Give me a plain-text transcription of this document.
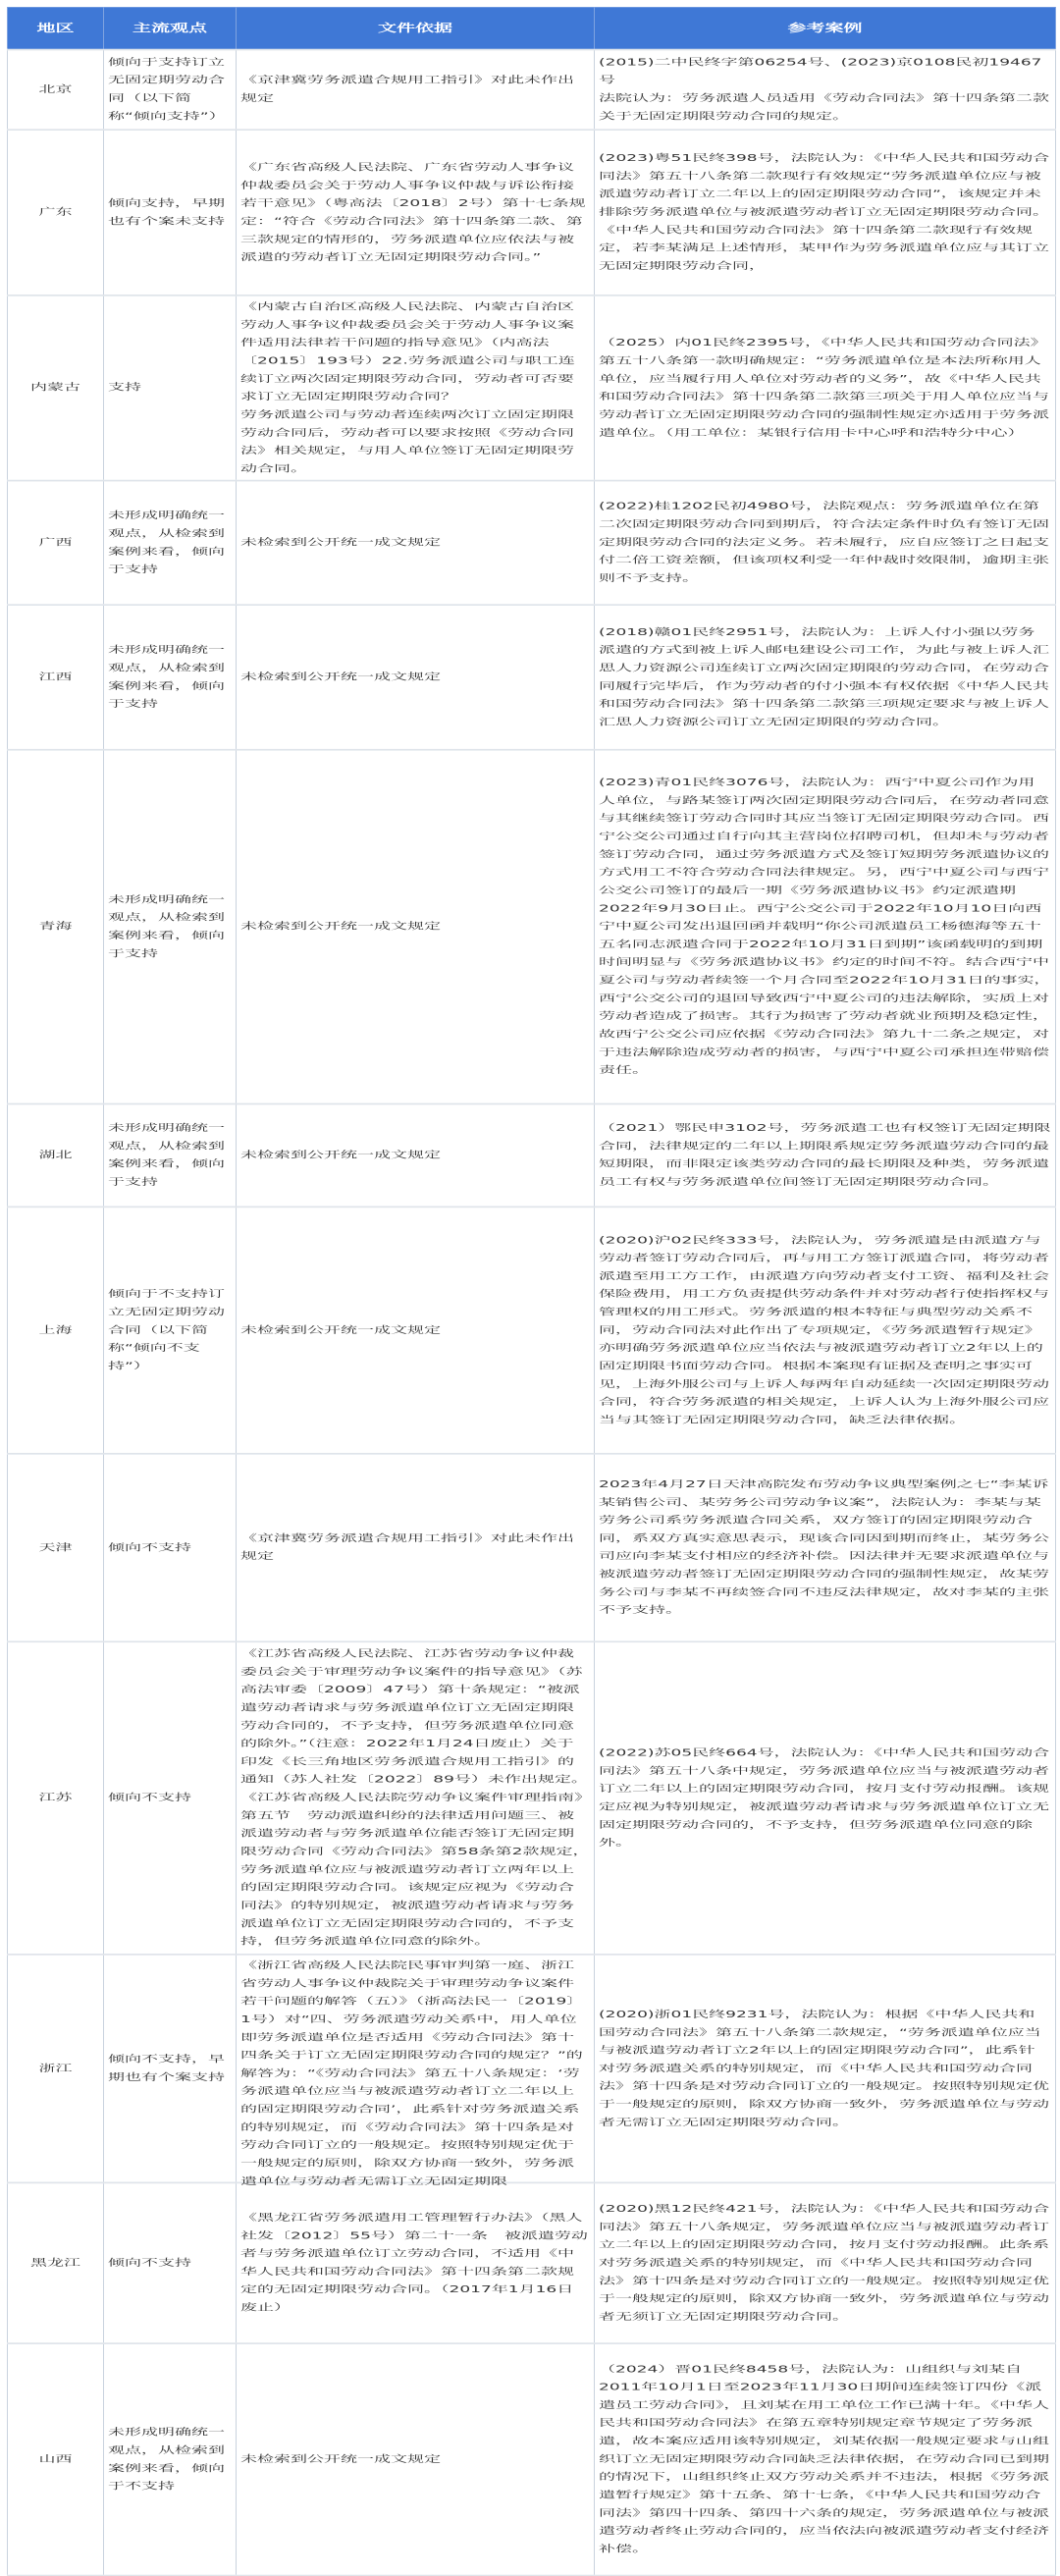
地区	主流观点	文件依据	参考案例

北京	倾向于支持订立无固定期劳动合同（以下简称“倾向支持”）	《京津冀劳务派遣合规用工指引》对此未作出规定	(2015)二中民终字第06254号、(2023)京0108民初19467号
法院认为：劳务派遣人员适用《劳动合同法》第十四条第二款关于无固定期限劳动合同的规定。

广东	倾向支持，早期也有个案未支持	《广东省高级人民法院、广东省劳动人事争议仲裁委员会关于劳动人事争议仲裁与诉讼衔接若干意见》（粤高法〔2018〕2号）第十七条规定：“符合《劳动合同法》第十四条第二款、第三款规定的情形的，劳务派遣单位应依法与被派遣的劳动者订立无固定期限劳动合同。”	(2023)粤51民终398号，法院认为：《中华人民共和国劳动合同法》第五十八条第二款现行有效规定“劳务派遣单位应与被派遣劳动者订立二年以上的固定期限劳动合同”，该规定并未排除劳务派遣单位与被派遣劳动者订立无固定期限劳动合同。《中华人民共和国劳动合同法》第十四条第二款现行有效规定，若李某满足上述情形，某甲作为劳务派遣单位应与其订立无固定期限劳动合同，

内蒙古	支持	《内蒙古自治区高级人民法院、内蒙古自治区劳动人事争议仲裁委员会关于劳动人事争议案件适用法律若干问题的指导意见》（内高法〔2015〕193号）22.劳务派遣公司与职工连续订立两次固定期限劳动合同，劳动者可否要求订立无固定期限劳动合同？
劳务派遣公司与劳动者连续两次订立固定期限劳动合同后，劳动者可以要求按照《劳动合同法》相关规定，与用人单位签订无固定期限劳动合同。	（2025）内01民终2395号，《中华人民共和国劳动合同法》第五十八条第一款明确规定：“劳务派遣单位是本法所称用人单位，应当履行用人单位对劳动者的义务”，故《中华人民共和国劳动合同法》第十四条第二款第三项关于用人单位应当与劳动者订立无固定期限劳动合同的强制性规定亦适用于劳务派遣单位。（用工单位：某银行信用卡中心呼和浩特分中心）

广西	未形成明确统一观点，从检索到案例来看，倾向于支持	未检索到公开统一成文规定	(2022)桂1202民初4980号，法院观点：劳务派遣单位在第二次固定期限劳动合同到期后，符合法定条件时负有签订无固定期限劳动合同的法定义务。若未履行，应自应签订之日起支付二倍工资差额，但该项权利受一年仲裁时效限制，逾期主张则不予支持。

江西	未形成明确统一观点，从检索到案例来看，倾向于支持	未检索到公开统一成文规定	(2018)赣01民终2951号，法院认为：上诉人付小强以劳务派遣的方式到被上诉人邮电建设公司工作，为此与被上诉人汇思人力资源公司连续订立两次固定期限的劳动合同，在劳动合同履行完毕后，作为劳动者的付小强本有权依据《中华人民共和国劳动合同法》第十四条第二款第三项规定要求与被上诉人汇思人力资源公司订立无固定期限的劳动合同。

青海	未形成明确统一观点，从检索到案例来看，倾向于支持	未检索到公开统一成文规定	(2023)青01民终3076号，法院认为：西宁中夏公司作为用人单位，与路某签订两次固定期限劳动合同后，在劳动者同意与其继续签订劳动合同时其应当签订无固定期限劳动合同。西宁公交公司通过自行向其主营岗位招聘司机，但却未与劳动者签订劳动合同，通过劳务派遣方式及签订短期劳务派遣协议的方式用工不符合劳动合同法律规定。另，西宁中夏公司与西宁公交公司签订的最后一期《劳务派遣协议书》约定派遣期2022年9月30日止。西宁公交公司于2022年10月10日向西宁中夏公司发出退回函并载明“你公司派遣员工杨德海等五十五名同志派遣合同于2022年10月31日到期”该函载明的到期时间明显与《劳务派遣协议书》约定的时间不符。结合西宁中夏公司与劳动者续签一个月合同至2022年10月31日的事实，西宁公交公司的退回导致西宁中夏公司的违法解除，实质上对劳动者造成了损害。其行为损害了劳动者就业预期及稳定性，故西宁公交公司应依据《劳动合同法》第九十二条之规定，对于违法解除造成劳动者的损害，与西宁中夏公司承担连带赔偿责任。

湖北	未形成明确统一观点，从检索到案例来看，倾向于支持	未检索到公开统一成文规定	（2021）鄂民申3102号，劳务派遣工也有权签订无固定期限合同，法律规定的二年以上期限系规定劳务派遣劳动合同的最短期限，而非限定该类劳动合同的最长期限及种类，劳务派遣员工有权与劳务派遣单位间签订无固定期限劳动合同。

上海	倾向于不支持订立无固定期劳动合同（以下简称“倾向不支持”）	未检索到公开统一成文规定	(2020)沪02民终333号，法院认为，劳务派遣是由派遣方与劳动者签订劳动合同后，再与用工方签订派遣合同，将劳动者派遣至用工方工作，由派遣方向劳动者支付工资、福利及社会保险费用，用工方负责提供劳动条件并对劳动者行使指挥权与管理权的用工形式。劳务派遣的根本特征与典型劳动关系不同，劳动合同法对此作出了专项规定，《劳务派遣暂行规定》亦明确劳务派遣单位应当依法与被派遣劳动者订立2年以上的固定期限书面劳动合同。根据本案现有证据及查明之事实可见，上海外服公司与上诉人每两年自动延续一次固定期限劳动合同，符合劳务派遣的相关规定，上诉人认为上海外服公司应当与其签订无固定期限劳动合同，缺乏法律依据。

天津	倾向不支持	《京津冀劳务派遣合规用工指引》对此未作出规定	2023年4月27日天津高院发布劳动争议典型案例之七“李某诉某销售公司、某劳务公司劳动争议案”，法院认为：李某与某劳务公司系劳务派遣合同关系，双方签订的固定期限劳动合同，系双方真实意思表示，现该合同因到期而终止，某劳务公司应向李某支付相应的经济补偿。因法律并无要求派遣单位与被派遣劳动者签订无固定期限劳动合同的强制性规定，故某劳务公司与李某不再续签合同不违反法律规定，故对李某的主张不予支持。

江苏	倾向不支持	《江苏省高级人民法院、江苏省劳动争议仲裁委员会关于审理劳动争议案件的指导意见》（苏高法审委〔2009〕47号）第十条规定：“被派遣劳动者请求与劳务派遣单位订立无固定期限劳动合同的，不予支持，但劳务派遣单位同意的除外。”（注意：2022年1月24日废止）关于印发《长三角地区劳务派遣合规用工指引》的通知（苏人社发〔2022〕89号）未作出规定。《江苏省高级人民法院劳动争议案件审理指南》第五节　劳动派遣纠纷的法律适用问题三、被派遣劳动者与劳务派遣单位能否签订无固定期限劳动合同《劳动合同法》第58条第2款规定，劳务派遣单位应与被派遣劳动者订立两年以上的固定期限劳动合同。该规定应视为《劳动合同法》的特别规定，被派遣劳动者请求与劳务派遣单位订立无固定期限劳动合同的，不予支持，但劳务派遣单位同意的除外。	(2022)苏05民终664号，法院认为：《中华人民共和国劳动合同法》第五十八条中规定，劳务派遣单位应当与被派遣劳动者订立二年以上的固定期限劳动合同，按月支付劳动报酬。该规定应视为特别规定，被派遣劳动者请求与劳务派遣单位订立无固定期限劳动合同的，不予支持，但劳务派遣单位同意的除外。

浙江	倾向不支持，早期也有个案支持	《浙江省高级人民法院民事审判第一庭、浙江省劳动人事争议仲裁院关于审理劳动争议案件若干问题的解答（五）》（浙高法民一〔2019〕1号）对“四、劳务派遣劳动关系中，用人单位即劳务派遣单位是否适用《劳动合同法》第十四条关于订立无固定期限劳动合同的规定？”的解答为：“《劳动合同法》第五十八条规定：‘劳务派遣单位应当与被派遣劳动者订立二年以上的固定期限劳动合同’，此系针对劳务派遣关系的特别规定，而《劳动合同法》第十四条是对劳动合同订立的一般规定。按照特别规定优于一般规定的原则，除双方协商一致外，劳务派遣单位与劳动者无需订立无固定期限	(2020)浙01民终9231号，法院认为：根据《中华人民共和国劳动合同法》第五十八条第二款规定，“劳务派遣单位应当与被派遣劳动者订立2年以上的固定期限劳动合同”，此系针对劳务派遣关系的特别规定，而《中华人民共和国劳动合同法》第十四条是对劳动合同订立的一般规定。按照特别规定优于一般规定的原则，除双方协商一致外，劳务派遣单位与劳动者无需订立无固定期限劳动合同。

黑龙江	倾向不支持	《黑龙江省劳务派遣用工管理暂行办法》（黑人社发〔2012〕55号）第二十一条　被派遣劳动者与劳务派遣单位订立劳动合同，不适用《中华人民共和国劳动合同法》第十四条第二款规定的无固定期限劳动合同。（2017年1月16日废止）	(2020)黑12民终421号，法院认为：《中华人民共和国劳动合同法》第五十八条规定，劳务派遣单位应当与被派遣劳动者订立二年以上的固定期限劳动合同，按月支付劳动报酬。此条系对劳务派遣关系的特别规定，而《中华人民共和国劳动合同法》第十四条是对劳动合同订立的一般规定。按照特别规定优于一般规定的原则，除双方协商一致外，劳务派遣单位与劳动者无须订立无固定期限劳动合同。

山西	未形成明确统一观点，从检索到案例来看，倾向于不支持	未检索到公开统一成文规定	（2024）晋01民终8458号，法院认为：山组织与刘某自2011年10月1日至2023年11月30日期间连续签订四份《派遣员工劳动合同》，且刘某在用工单位工作已满十年。《中华人民共和国劳动合同法》在第五章特别规定章节规定了劳务派遣，故本案应适用该特别规定，刘某依据一般规定要求与山组织订立无固定期限劳动合同缺乏法律依据，在劳动合同已到期的情况下，山组织终止双方劳动关系并不违法，根据《劳务派遣暂行规定》第十五条、第十七条，《中华人民共和国劳动合同法》第四十四条、第四十六条的规定，劳务派遣单位与被派遣劳动者终止劳动合同的，应当依法向被派遣劳动者支付经济补偿。
